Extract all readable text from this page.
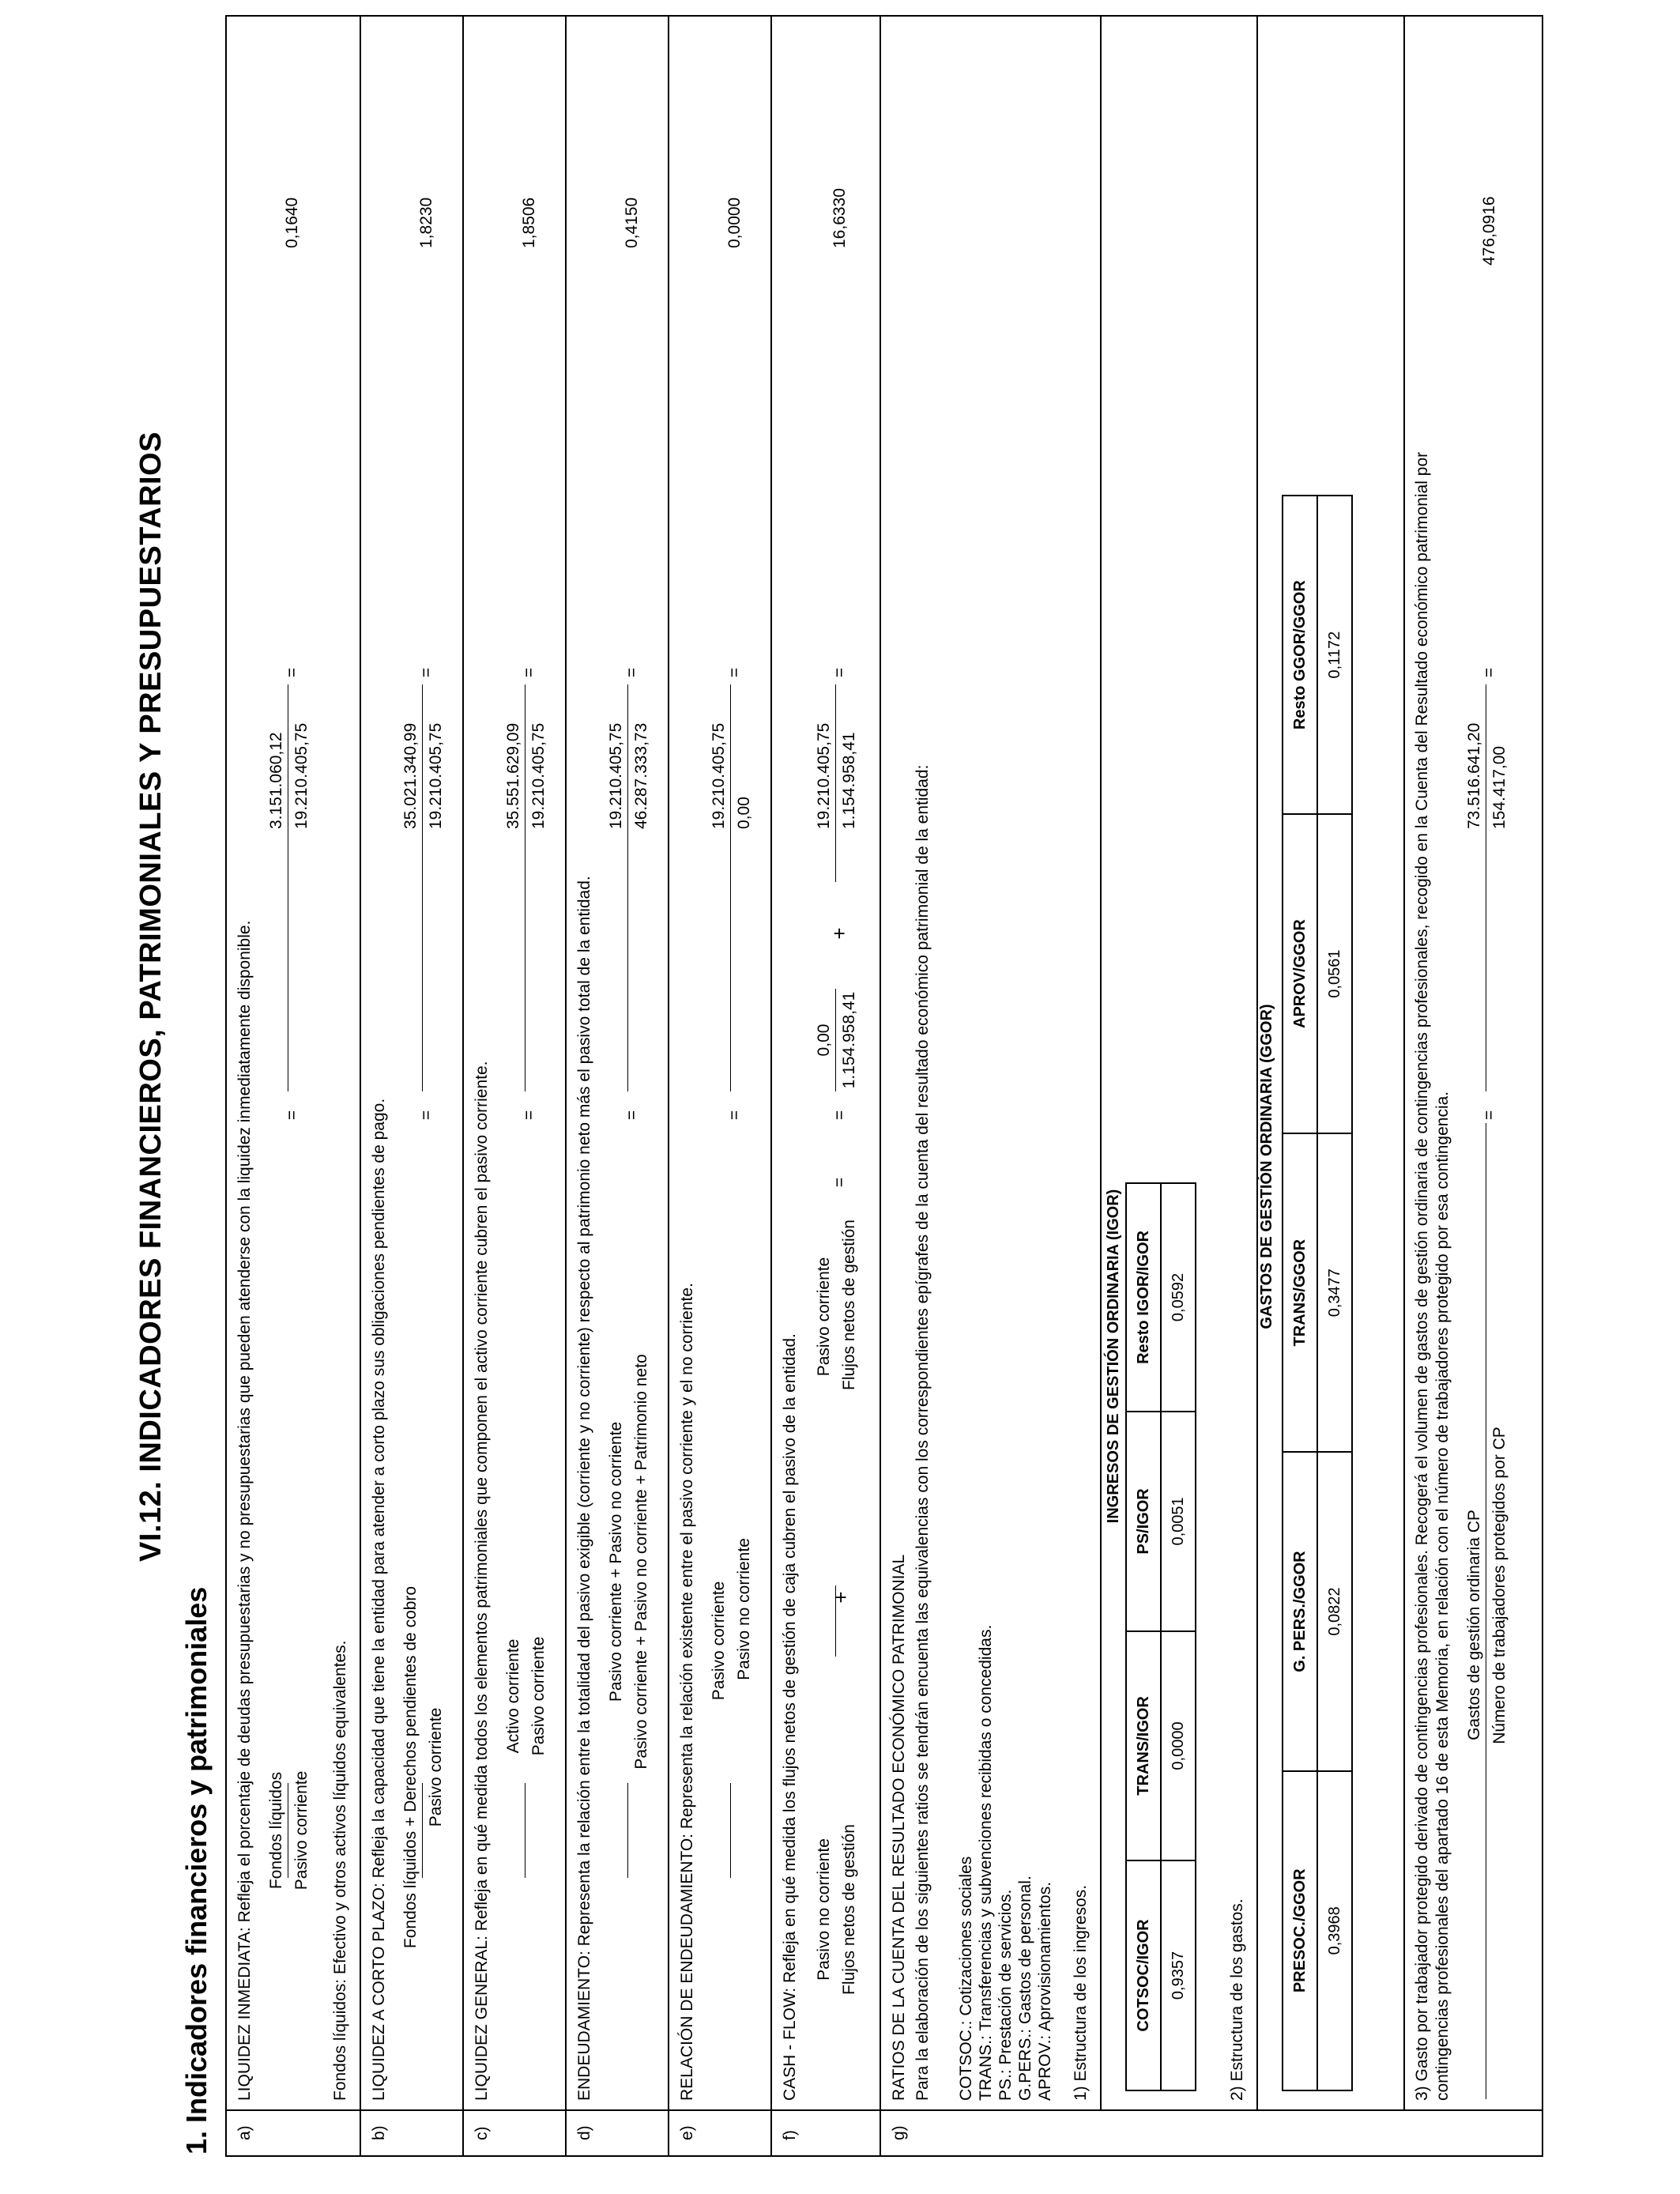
VI.12. INDICADORES FINANCIEROS, PATRIMONIALES Y PRESUPUESTARIOS
1. Indicadores financieros y patrimoniales a)
LIQUIDEZ INMEDIATA: Refleja el porcentaje de deudas presupuestarias y no presupuestarias que pueden atenderse con la liquidez inmediatamente disponible. Fondos líquidos Pasivo corriente
=
=
3.151.060,12 19.210.405,75
0,1640
Fondos líquidos: Efectivo y otros activos líquidos equivalentes.
b)
LIQUIDEZ A CORTO PLAZO: Refleja la capacidad que tiene la entidad para atender a corto plazo sus obligaciones pendientes de pago. Fondos líquidos + Derechos pendientes de cobro Pasivo corriente
=
=
35.021.340,99 19.210.405,75
1,8230
c)
LIQUIDEZ GENERAL: Refleja en qué medida todos los elementos patrimoniales que componen el activo corriente cubren el pasivo corriente. Activo corriente Pasivo corriente
=
=
35.551.629,09 19.210.405,75
1,8506
d)
ENDEUDAMIENTO: Representa la relación entre la totalidad del pasivo exigible (corriente y no corriente) respecto al patrimonio neto más el pasivo total de la entidad. Pasivo corriente + Pasivo no corriente Pasivo corriente + Pasivo no corriente + Patrimonio neto
=
=
19.210.405,75 46.287.333,73
0,4150
e)
RELACIÓN DE ENDEUDAMIENTO: Representa la relación existente entre el pasivo corriente y el no corriente. Pasivo corriente Pasivo no corriente
=
=
19.210.405,75 0,00
0,0000
f)
CASH - FLOW: Refleja en qué medida los flujos netos de gestión de caja cubren el pasivo de la entidad. Pasivo no corriente Flujos netos de gestión
+
Pasivo corriente Flujos netos de gestión
=
=
0,00 1.154.958,41
+
=
19.210.405,75 1.154.958,41
16,6330
g)
RATIOS DE LA CUENTA DEL RESULTADO ECONÓMICO PATRIMONIAL Para la elaboración de los siguientes ratios se tendrán encuenta las equivalencias con los correspondientes epígrafes de la cuenta del resultado económico patrimonial de la entidad: COTSOC.: Cotizaciones sociales TRANS.: Transferencias y subvenciones recibidas o concedidas. PS.: Prestación de servicios. G.PERS.: Gastos de personal. APROV.: Aprovisionamientos. 1) Estructura de los ingresos.
INGRESOS DE GESTIÓN ORDINARIA (IGOR)
COTSOC/IGOR	TRANS/IGOR	PS/IGOR	Resto IGOR/IGOR
0,9357	0,0000	0,0051	0,0592
2) Estructura de los gastos.
GASTOS DE GESTIÓN ORDINARIA (GGOR)
PRESOC./GGOR	G. PERS./GGOR	TRANS/GGOR	APROV/GGOR	Resto GGOR/GGOR
0,3968	0,0822	0,3477	0,0561	0,1172	3) Gasto por trabajador protegido derivado de contingencias profesionales. Recogerá el volumen de gastos de gestión ordinaria de contingencias profesionales, recogido en la Cuenta del Resultado económico patrimonial por contingencias profesionales del apartado 16 de esta Memoria, en relación con el número de trabajadores protegido por esa contingencia. Gastos de gestión ordinaria CP Número de trabajadores protegidos por CP
=
=
73.516.641,20 154.417,00
476,0916
